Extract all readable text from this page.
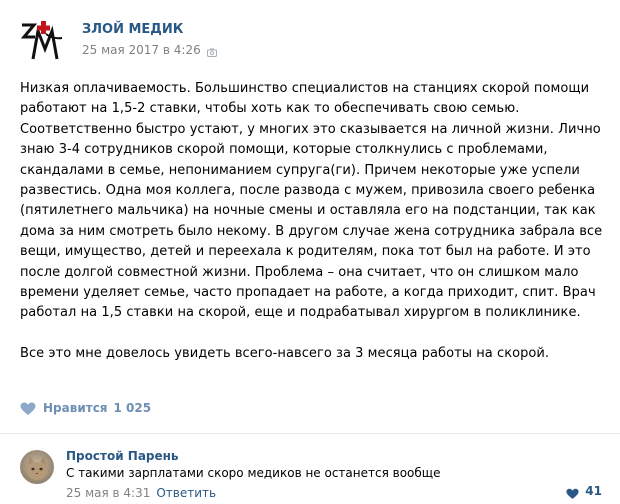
ЗЛОЙ МЕДИК
25 мая 2017 в 4:26

Низкая оплачиваемость. Большинство специалистов на станциях скорой помощи

работают на 1,5-2 ставки, чтобы хоть как то обеспечивать свою семью.

Соответственно быстро устают, у многих это сказывается на личной жизни. Лично

знаю 3-4 сотрудников скорой помощи, которые столкнулись с проблемами,

скандалами в семье, непониманием супруга(ги). Причем некоторые уже успели

развестись. Одна моя коллега, после развода с мужем, привозила своего ребенка

(пятилетнего мальчика) на ночные смены и оставляла его на подстанции, так как

дома за ним смотреть было некому. В другом случае жена сотрудника забрала все

вещи, имущество, детей и переехала к родителям, пока тот был на работе. И это

после долгой совместной жизни. Проблема – она считает, что он слишком мало

времени уделяет семье, часто пропадает на работе, а когда приходит, спит. Врач

работал на 1,5 ставки на скорой, еще и подрабатывал хирургом в поликлинике.

Все это мне довелось увидеть всего-навсего за 3 месяца работы на скорой.

Нравится 1 025
Простой Парень
С такими зарплатами скоро медиков не останется вообще
25 мая в 4:31 Ответить	41
